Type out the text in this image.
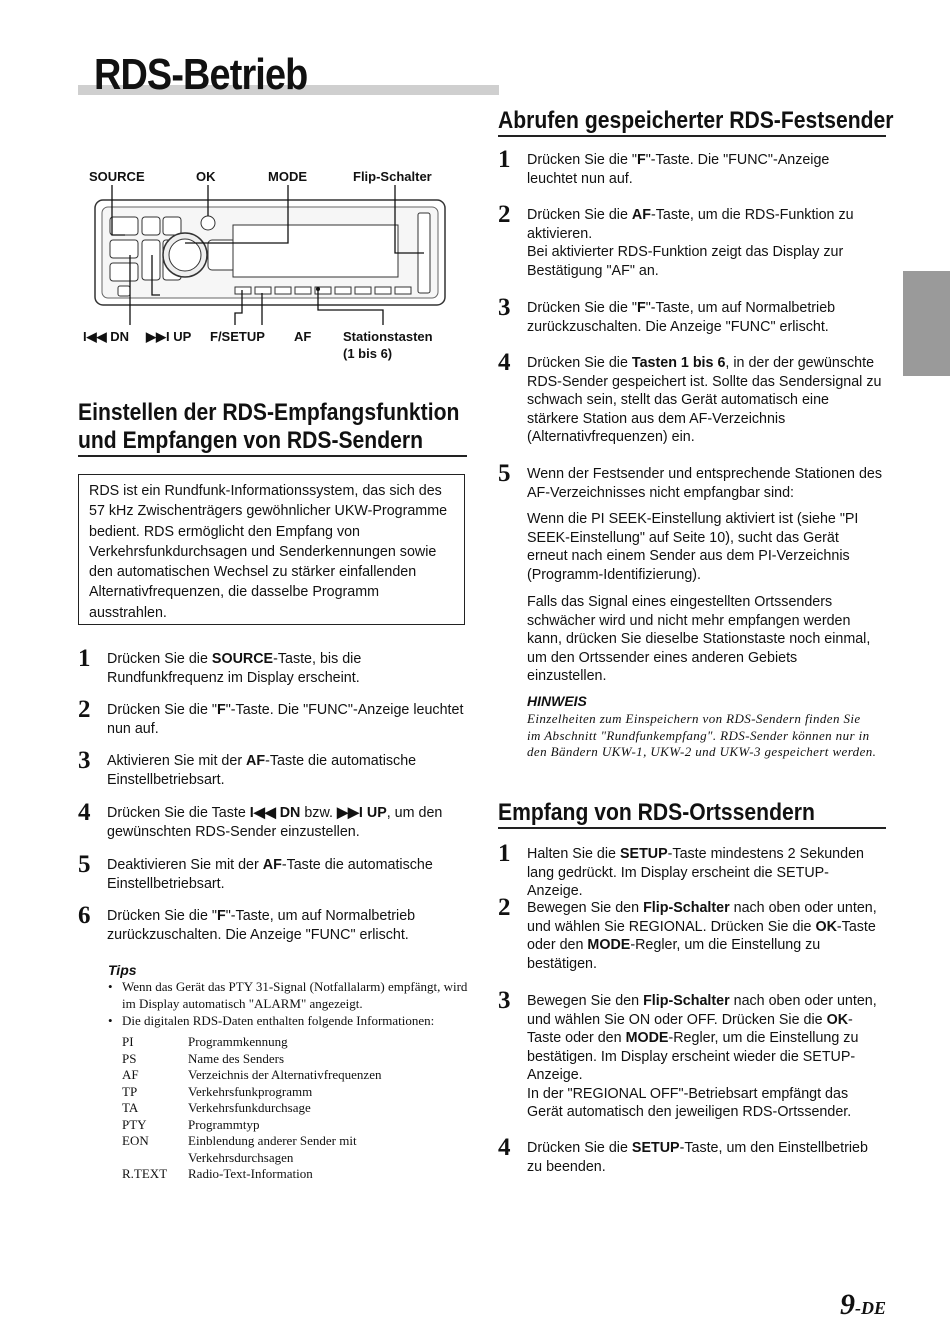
RDS-Betrieb
SOURCE	OK	MODE	Flip-Schalter
I◀◀ DN ▶▶I UP F/SETUP AF Stationstasten
(1 bis 6)
Einstellen der RDS-Empfangsfunktion
und Empfangen von RDS-Sendern
RDS ist ein Rundfunk-Informationssystem, das sich des 57 kHz Zwischenträgers gewöhnlicher UKW-Programme bedient. RDS ermöglicht den Empfang von Verkehrsfunkdurchsagen und Senderkennungen sowie den automatischen Wechsel zu stärker einfallenden Alternativfrequenzen, die dasselbe Programm ausstrahlen.
1 Drücken Sie die SOURCE-Taste, bis die Rundfunkfrequenz im Display erscheint.
2 Drücken Sie die "F"-Taste. Die "FUNC"-Anzeige leuchtet nun auf.
3 Aktivieren Sie mit der AF-Taste die automatische Einstellbetriebsart.
4 Drücken Sie die Taste I◀◀ DN bzw. ▶▶I UP, um den gewünschten RDS-Sender einzustellen.
5 Deaktivieren Sie mit der AF-Taste die automatische Einstellbetriebsart.
6 Drücken Sie die "F"-Taste, um auf Normalbetrieb zurückzuschalten. Die Anzeige "FUNC" erlischt.
Tips
• Wenn das Gerät das PTY 31-Signal (Notfallalarm) empfängt, wird im Display automatisch "ALARM" angezeigt.
• Die digitalen RDS-Daten enthalten folgende Informationen:
PI	Programmkennung
PS	Name des Senders
AF	Verzeichnis der Alternativfrequenzen
TP	Verkehrsfunkprogramm
TA	Verkehrsfunkdurchsage
PTY	Programmtyp
EON	Einblendung anderer Sender mit
Verkehrsdurchsagen
R.TEXT Radio-Text-Information
Abrufen gespeicherter RDS-Festsender
1 Drücken Sie die "F"-Taste. Die "FUNC"-Anzeige leuchtet nun auf.
2 Drücken Sie die AF-Taste, um die RDS-Funktion zu aktivieren.
Bei aktivierter RDS-Funktion zeigt das Display zur Bestätigung "AF" an.
3 Drücken Sie die "F"-Taste, um auf Normalbetrieb zurückzuschalten. Die Anzeige "FUNC" erlischt.
4 Drücken Sie die Tasten 1 bis 6, in der der gewünschte RDS-Sender gespeichert ist. Sollte das Sendersignal zu schwach sein, stellt das Gerät automatisch eine stärkere Station aus dem AF-Verzeichnis (Alternativfrequenzen) ein.
5 Wenn der Festsender und entsprechende Stationen des AF-Verzeichnisses nicht empfangbar sind:
Wenn die PI SEEK-Einstellung aktiviert ist (siehe "PI SEEK-Einstellung" auf Seite 10), sucht das Gerät erneut nach einem Sender aus dem PI-Verzeichnis (Programm-Identifizierung).
Falls das Signal eines eingestellten Ortssenders schwächer wird und nicht mehr empfangen werden kann, drücken Sie dieselbe Stationstaste noch einmal, um den Ortssender eines anderen Gebiets einzustellen.
HINWEIS
Einzelheiten zum Einspeichern von RDS-Sendern finden Sie im Abschnitt "Rundfunkempfang". RDS-Sender können nur in den Bändern UKW-1, UKW-2 und UKW-3 gespeichert werden.
Empfang von RDS-Ortssendern
1 Halten Sie die SETUP-Taste mindestens 2 Sekunden lang gedrückt. Im Display erscheint die SETUP-Anzeige.
2 Bewegen Sie den Flip-Schalter nach oben oder unten, und wählen Sie REGIONAL. Drücken Sie die OK-Taste oder den MODE-Regler, um die Einstellung zu bestätigen.
3 Bewegen Sie den Flip-Schalter nach oben oder unten, und wählen Sie ON oder OFF. Drücken Sie die OK-Taste oder den MODE-Regler, um die Einstellung zu bestätigen. Im Display erscheint wieder die SETUP-Anzeige.
In der "REGIONAL OFF"-Betriebsart empfängt das Gerät automatisch den jeweiligen RDS-Ortssender.
4 Drücken Sie die SETUP-Taste, um den Einstellbetrieb zu beenden.
9-DE
